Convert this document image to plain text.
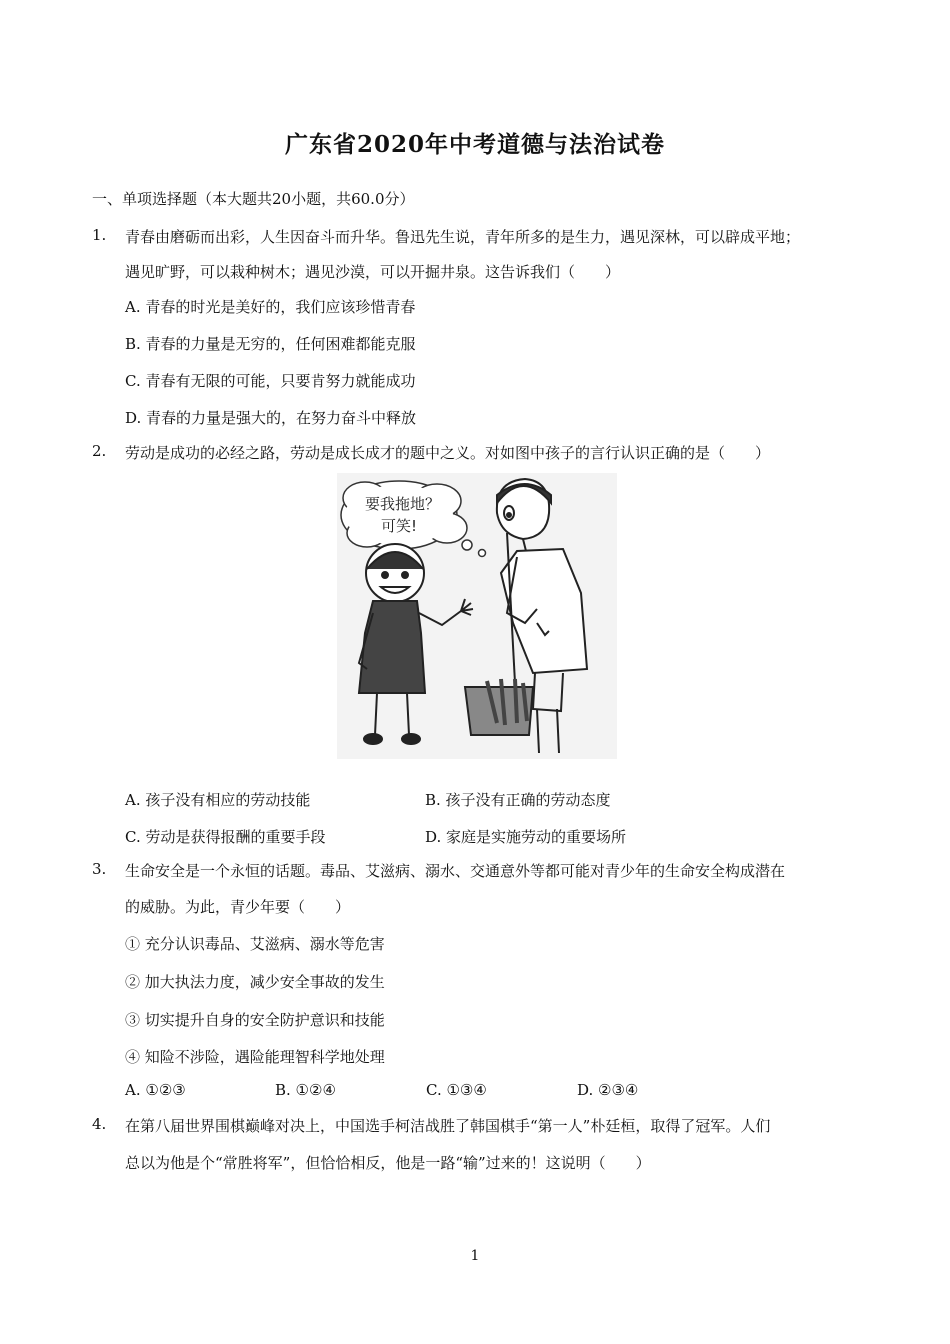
广东省2020年中考道德与法治试卷
一、单项选择题（本大题共20小题，共60.0分）
1. 青春由磨砺而出彩，人生因奋斗而升华。鲁迅先生说，青年所多的是生力，遇见深林，可以辟成平地；
遇见旷野，可以栽种树木；遇见沙漠，可以开掘井泉。这告诉我们（　　）
A. 青春的时光是美好的，我们应该珍惜青春
B. 青春的力量是无穷的，任何困难都能克服
C. 青春有无限的可能，只要肯努力就能成功
D. 青春的力量是强大的，在努力奋斗中释放
2. 劳动是成功的必经之路，劳动是成长成才的题中之义。对如图中孩子的言行认识正确的是（　　）
要我拖地？
可笑!
A. 孩子没有相应的劳动技能	B. 孩子没有正确的劳动态度
C. 劳动是获得报酬的重要手段	D. 家庭是实施劳动的重要场所
3. 生命安全是一个永恒的话题。毒品、艾滋病、溺水、交通意外等都可能对青少年的生命安全构成潜在
的威胁。为此，青少年要（　　）
① 充分认识毒品、艾滋病、溺水等危害
② 加大执法力度，减少安全事故的发生
③ 切实提升自身的安全防护意识和技能
④ 知险不涉险，遇险能理智科学地处理
A. ①②③	B. ①②④	C. ①③④	D. ②③④
4. 在第八届世界围棋巅峰对决上，中国选手柯洁战胜了韩国棋手“第一人”朴廷桓，取得了冠军。人们
总以为他是个“常胜将军”，但恰恰相反，他是一路“输”过来的！这说明（　　）
1
